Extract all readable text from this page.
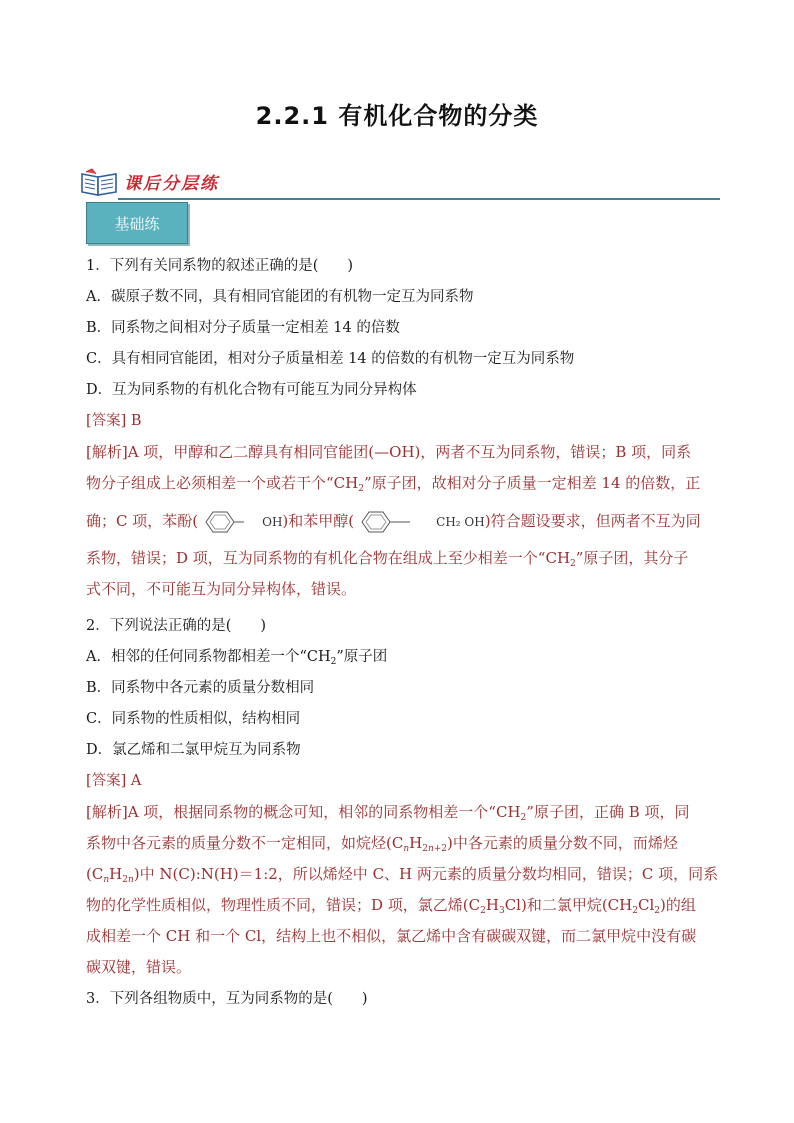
2.2.1 有机化合物的分类
课后分层练
基础练
1．下列有关同系物的叙述正确的是(　　)
A．碳原子数不同，具有相同官能团的有机物一定互为同系物
B．同系物之间相对分子质量一定相差 14 的倍数
C．具有相同官能团，相对分子质量相差 14 的倍数的有机物一定互为同系物
D．互为同系物的有机化合物有可能互为同分异构体
[答案] B
[解析]A 项，甲醇和乙二醇具有相同官能团(—OH)，两者不互为同系物，错误；B 项，同系
物分子组成上必须相差一个或若干个“$CH_2$”原子团，故相对分子质量一定相差 14 的倍数，正
确；C 项，苯酚(	OH)和苯甲醇(	CH₂ OH)符合题设要求，但两者不互为同
系物，错误；D 项，互为同系物的有机化合物在组成上至少相差一个“$CH_2$”原子团，其分子
式不同，不可能互为同分异构体，错误。
2．下列说法正确的是(　　)
A．相邻的任何同系物都相差一个“$CH_2$”原子团
B．同系物中各元素的质量分数相同
C．同系物的性质相似，结构相同
D．氯乙烯和二氯甲烷互为同系物
[答案] A
[解析]A 项，根据同系物的概念可知，相邻的同系物相差一个“$CH_2$”原子团，正确 B 项，同
系物中各元素的质量分数不一定相同，如烷烃$(C_nH_{2n+2})$中各元素的质量分数不同，而烯烃
$(C_nH_{2n})$中 N(C):N(H)＝1:2，所以烯烃中 C、H 两元素的质量分数均相同，错误；C 项，同系
物的化学性质相似，物理性质不同，错误；D 项，氯乙烯$(C_2H_3Cl)$和二氯甲烷$(CH_2Cl_2)$的组
成相差一个 CH 和一个 Cl，结构上也不相似，氯乙烯中含有碳碳双键，而二氯甲烷中没有碳
碳双键，错误。
3．下列各组物质中，互为同系物的是(　　)
